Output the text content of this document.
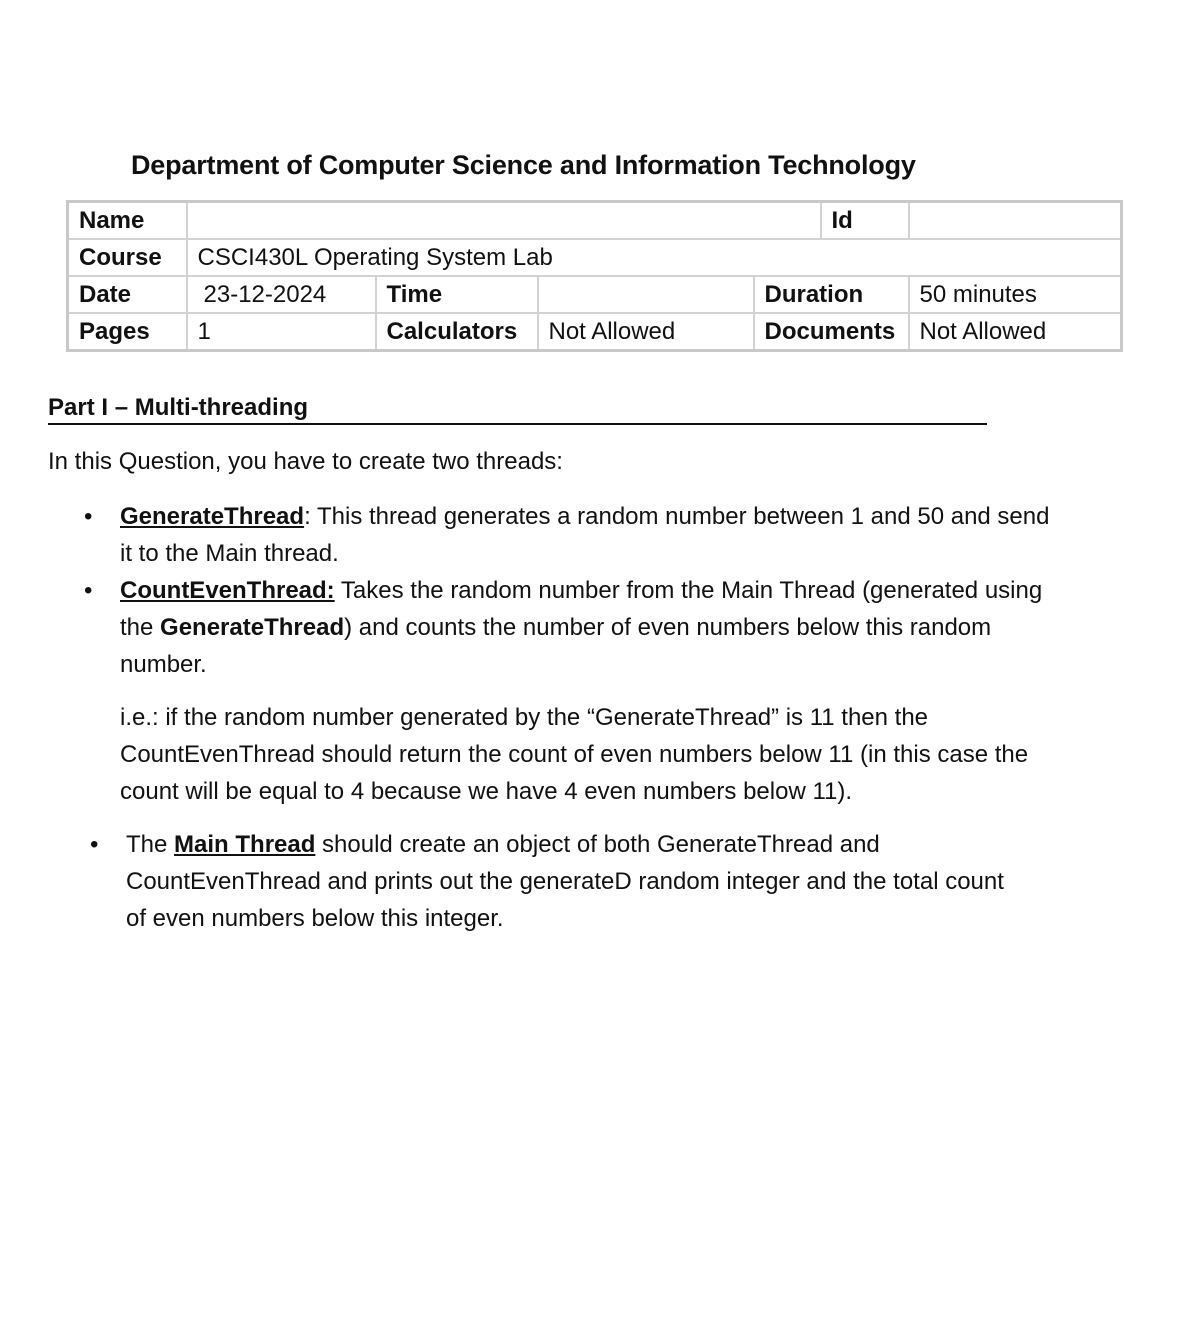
Department of Computer Science and Information Technology
Name					Id	
Course	CSCI430L Operating System Lab					
Date	23-12-2024	Time		Duration		50 minutes
Pages	1	Calculators	Not Allowed	Documents		Not Allowed
Part I – Multi-threading
In this Question, you have to create two threads:
• GenerateThread: This thread generates a random number between 1 and 50 and send it to the Main thread.
• CountEvenThread: Takes the random number from the Main Thread (generated using the GenerateThread) and counts the number of even numbers below this random number.
i.e.: if the random number generated by the “GenerateThread” is 11 then the CountEvenThread should return the count of even numbers below 11 (in this case the count will be equal to 4 because we have 4 even numbers below 11).
• The Main Thread should create an object of both GenerateThread and CountEvenThread and prints out the generateD random integer and the total count of even numbers below this integer.
